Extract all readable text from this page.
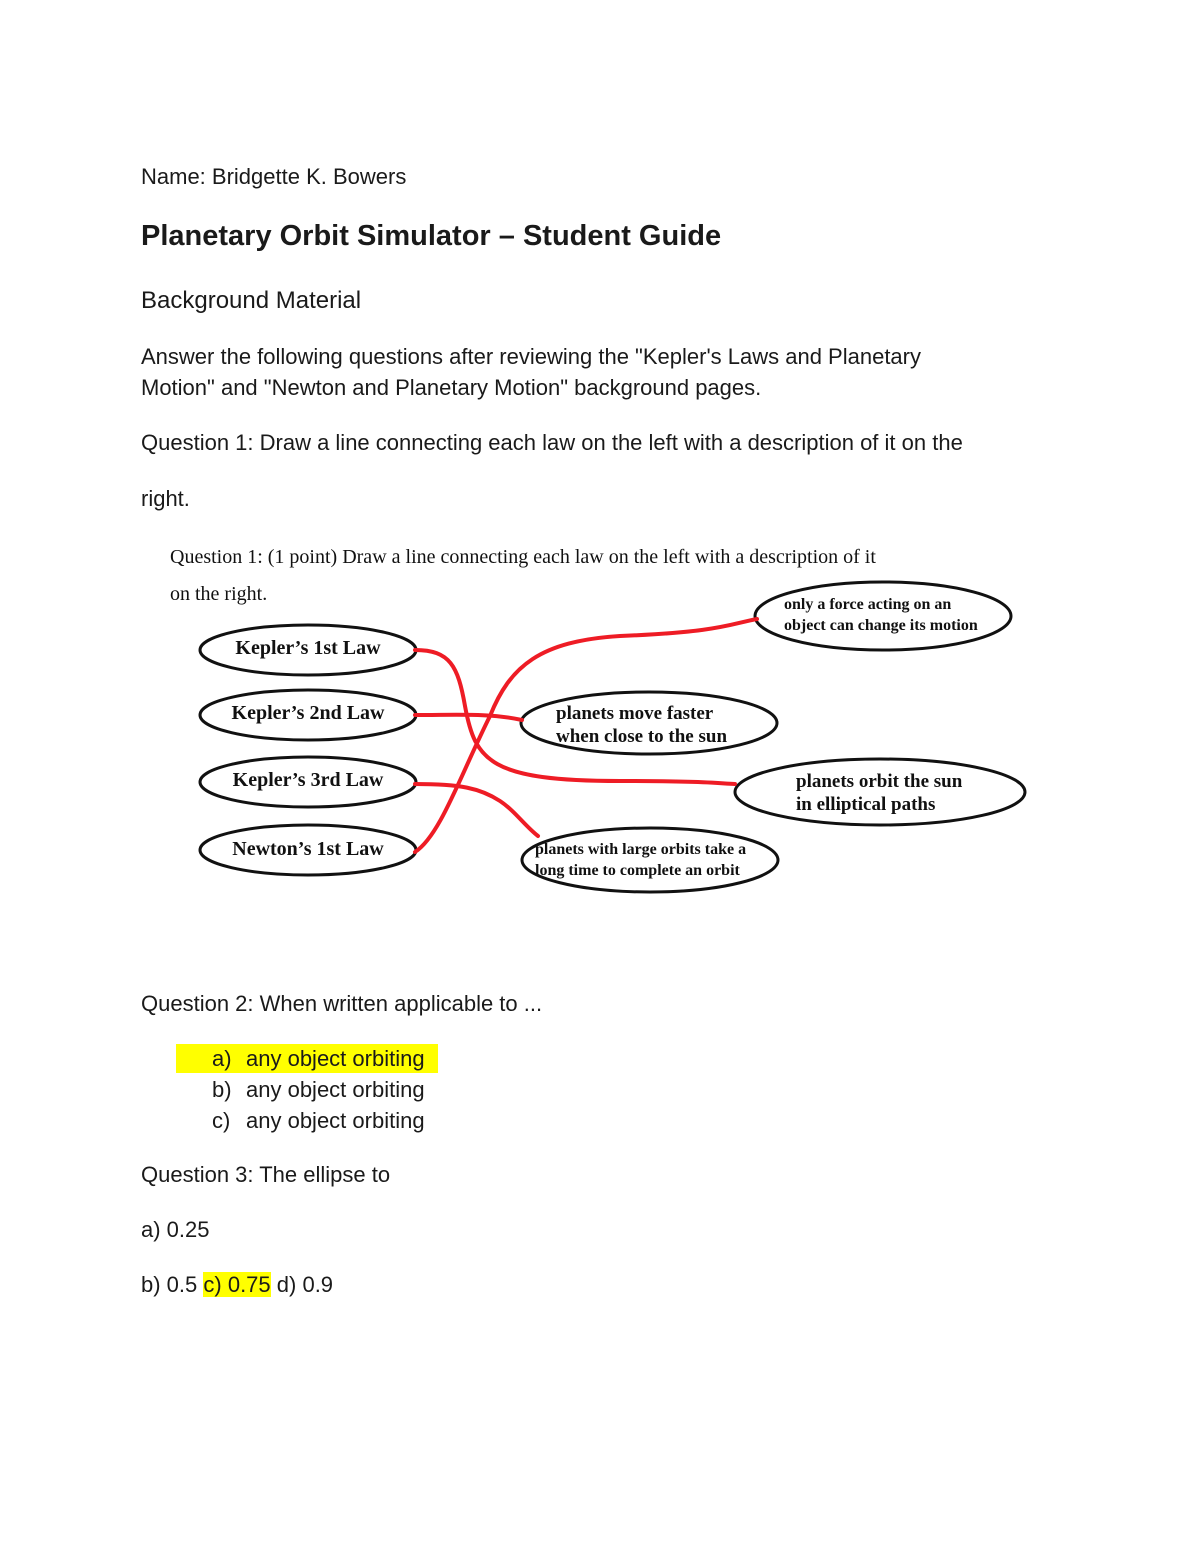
Name: Bridgette K. Bowers
Planetary Orbit Simulator – Student Guide
Background Material
Answer the following questions after reviewing the "Kepler's Laws and Planetary
Motion" and "Newton and Planetary Motion" background pages.
Question 1: Draw a line connecting each law on the left with a description of it on the
right.
Question 1: (1 point) Draw a line connecting each law on the left with a description of it
on the right.
Kepler’s 1st Law
Kepler’s 2nd Law
Kepler’s 3rd Law
Newton’s 1st Law
only a force acting on an
object can change its motion
planets move faster
when close to the sun
planets orbit the sun
in elliptical paths
planets with large orbits take a
long time to complete an orbit
Question 2: When written applicable to ...
a) any object orbiting
b) any object orbiting
c) any object orbiting
Question 3: The ellipse to
a) 0.25
b) 0.5 c) 0.75 d) 0.9
